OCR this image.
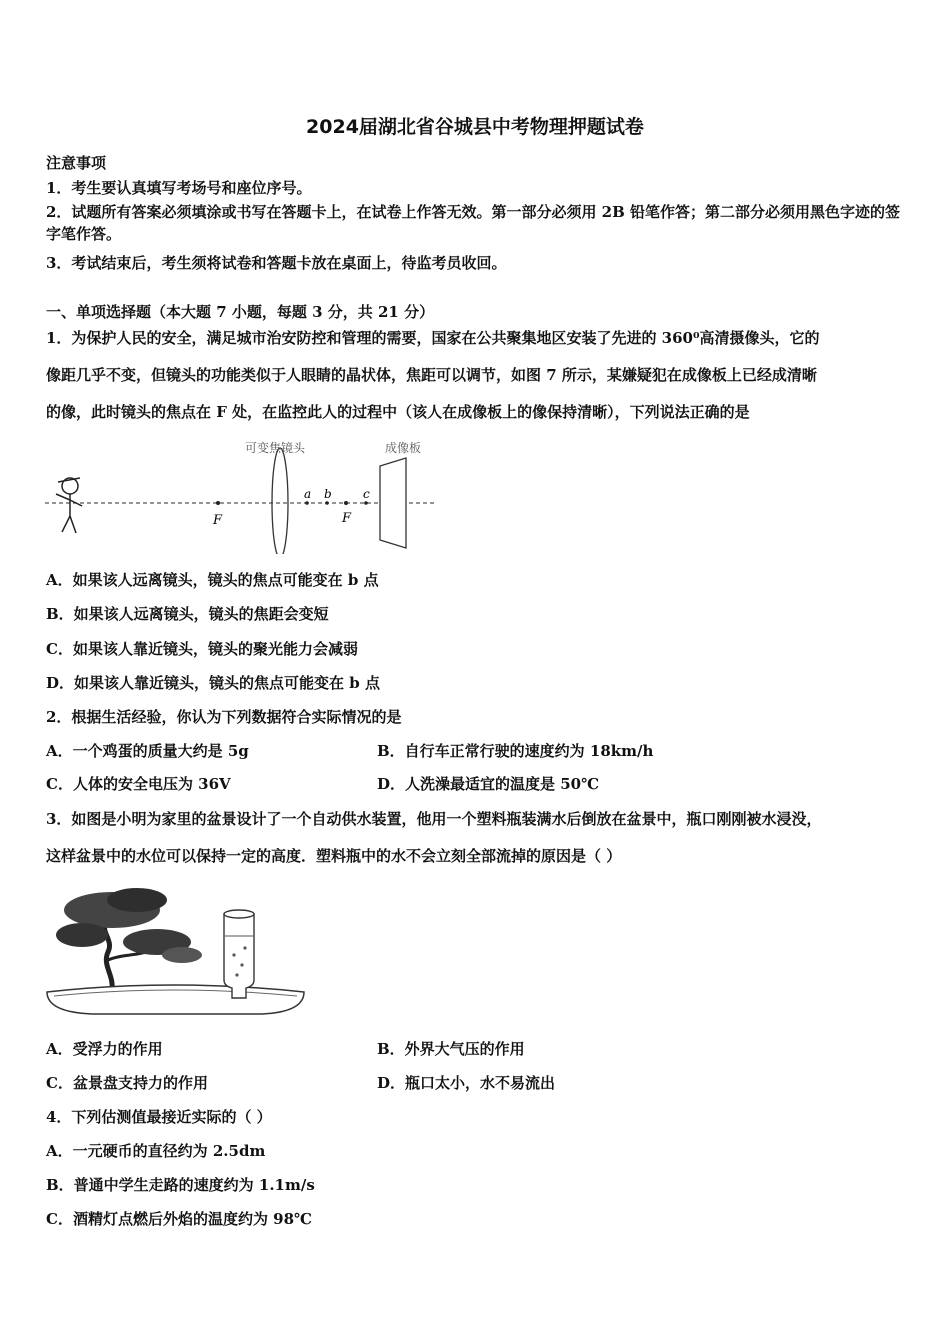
2024届湖北省谷城县中考物理押题试卷
注意事项
1．考生要认真填写考场号和座位序号。
2．试题所有答案必须填涂或书写在答题卡上，在试卷上作答无效。第一部分必须用 2B 铅笔作答；第二部分必须用黑色字迹的签字笔作答。
3．考试结束后，考生须将试卷和答题卡放在桌面上，待监考员收回。
一、单项选择题（本大题 7 小题，每题 3 分，共 21 分）
1．为保护人民的安全，满足城市治安防控和管理的需要，国家在公共聚集地区安装了先进的 360⁰高清摄像头，它的
像距几乎不变，但镜头的功能类似于人眼睛的晶状体，焦距可以调节，如图 7 所示，某嫌疑犯在成像板上已经成清晰
的像，此时镜头的焦点在 F 处，在监控此人的过程中（该人在成像板上的像保持清晰），下列说法正确的是
F
可变焦镜头
a b
F
c
成像板
A．如果该人远离镜头，镜头的焦点可能变在 b 点
B．如果该人远离镜头，镜头的焦距会变短
C．如果该人靠近镜头，镜头的聚光能力会减弱
D．如果该人靠近镜头，镜头的焦点可能变在 b 点
2．根据生活经验，你认为下列数据符合实际情况的是
A．一个鸡蛋的质量大约是 5g	B．自行车正常行驶的速度约为 18km/h
C．人体的安全电压为 36V	D．人洗澡最适宜的温度是 50℃
3．如图是小明为家里的盆景设计了一个自动供水装置，他用一个塑料瓶装满水后倒放在盆景中，瓶口刚刚被水浸没，
这样盆景中的水位可以保持一定的高度．塑料瓶中的水不会立刻全部流掉的原因是（ ）
A．受浮力的作用	B．外界大气压的作用
C．盆景盘支持力的作用	D．瓶口太小，水不易流出
4．下列估测值最接近实际的（ ）
A．一元硬币的直径约为 2.5dm
B．普通中学生走路的速度约为 1.1m/s
C．酒精灯点燃后外焰的温度约为 98℃
